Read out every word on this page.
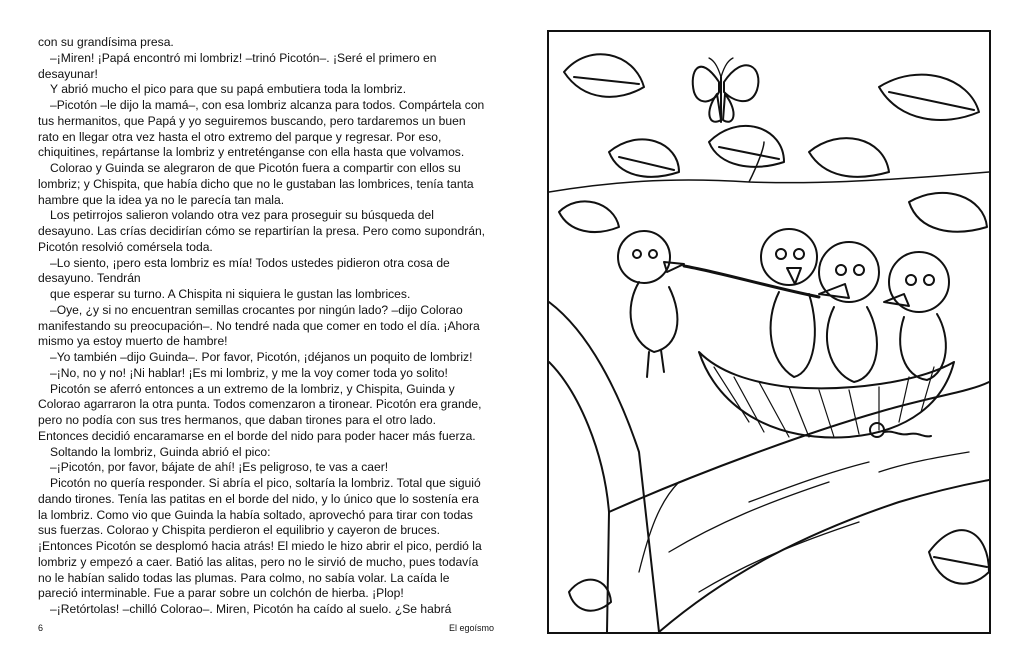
con su grandísima presa.

–¡Miren! ¡Papá encontró mi lombriz! –trinó Picotón–. ¡Seré el primero en desayunar!

Y abrió mucho el pico para que su papá embutiera toda la lombriz.

–Picotón –le dijo la mamá–, con esa lombriz alcanza para todos. Compártela con tus hermanitos, que Papá y yo seguiremos buscando, pero tardaremos un buen rato en llegar otra vez hasta el otro extremo del parque y regresar. Por eso, chiquitines, repártanse la lombriz y entreténganse con ella hasta que volvamos.

Colorao y Guinda se alegraron de que Picotón fuera a compartir con ellos su lombriz; y Chispita, que había dicho que no le gustaban las lombrices, tenía tanta hambre que la idea ya no le parecía tan mala.

Los petirrojos salieron volando otra vez para proseguir su búsqueda del desayuno. Las crías decidirían cómo se repartirían la presa. Pero como supondrán, Picotón resolvió comérsela toda.

–Lo siento, ¡pero esta lombriz es mía! Todos ustedes pidieron otra cosa de desayuno. Tendrán

que esperar su turno. A Chispita ni siquiera le gustan las lombrices.

–Oye, ¿y si no encuentran semillas crocantes por ningún lado? –dijo Colorao manifestando su preocupación–. No tendré nada que comer en todo el día. ¡Ahora mismo ya estoy muerto de hambre!

–Yo también –dijo Guinda–. Por favor, Picotón, ¡déjanos un poquito de lombriz!

–¡No, no y no! ¡Ni hablar! ¡Es mi lombriz, y me la voy comer toda yo solito!

Picotón se aferró entonces a un extremo de la lombriz, y Chispita, Guinda y Colorao agarraron la otra punta. Todos comenzaron a tironear. Picotón era grande, pero no podía con sus tres hermanos, que daban tirones para el otro lado. Entonces decidió encaramarse en el borde del nido para poder hacer más fuerza.

Soltando la lombriz, Guinda abrió el pico:

–¡Picotón, por favor, bájate de ahí! ¡Es peligroso, te vas a caer!

Picotón no quería responder. Si abría el pico, soltaría la lombriz. Total que siguió dando tirones. Tenía las patitas en el borde del nido, y lo único que lo sostenía era la lombriz. Como vio que Guinda la había soltado, aprovechó para tirar con todas sus fuerzas. Colorao y Chispita perdieron el equilibrio y cayeron de bruces. ¡Entonces Picotón se desplomó hacia atrás! El miedo le hizo abrir el pico, perdió la lombriz y empezó a caer. Batió las alitas, pero no le sirvió de mucho, pues todavía no le habían salido todas las plumas. Para colmo, no sabía volar. La caída le pareció interminable. Fue a parar sobre un colchón de hierba. ¡Plop!

–¡Retórtolas! –chilló Colorao–. Miren, Picotón ha caído al suelo. ¿Se habrá

6	El egoísmo
